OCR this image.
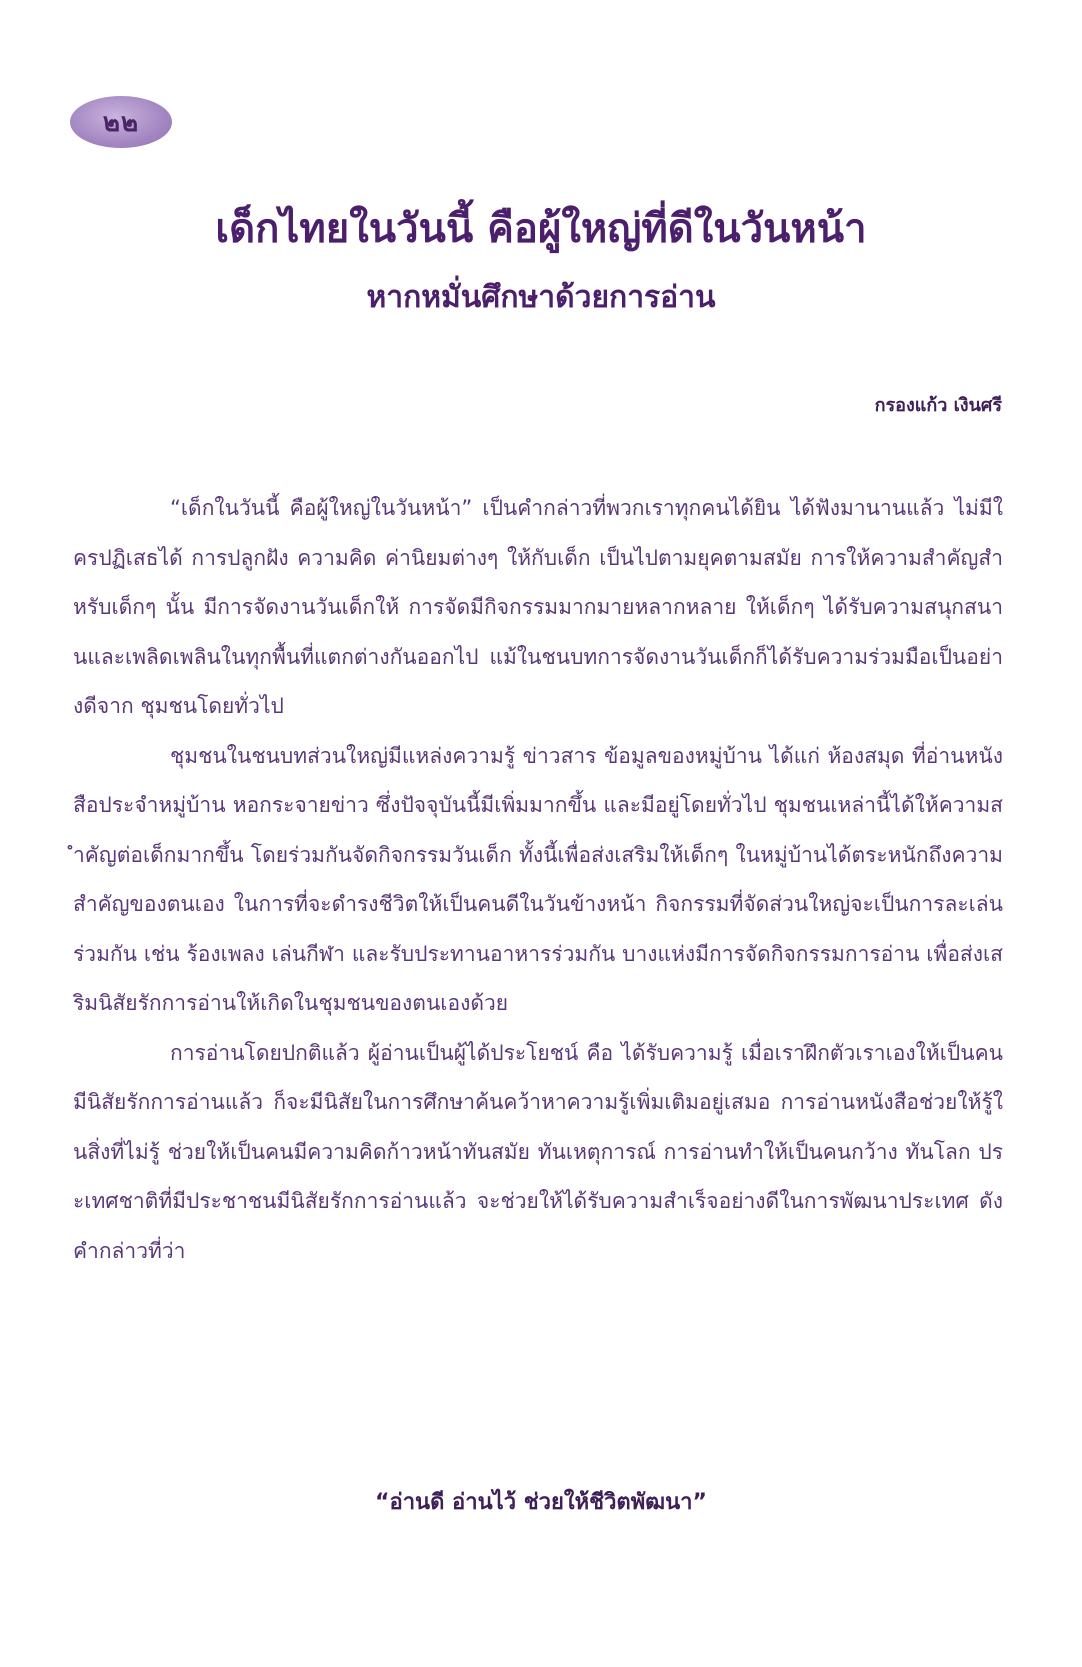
๒๒
เด็กไทยในวันนี้ คือผู้ใหญ่ที่ดีในวันหน้า
หากหมั่นศึกษาด้วยการอ่าน
กรองแก้ว เงินศรี

“เด็กในวันนี้ คือผู้ใหญ่ในวันหน้า” เป็นคำกล่าวที่พวกเราทุกคนได้ยิน ได้ฟังมานานแล้ว ไม่มีใครปฏิเสธได้ การปลูกฝัง ความคิด ค่านิยมต่างๆ ให้กับเด็ก เป็นไปตามยุคตามสมัย การให้ความสำคัญสำหรับเด็กๆ นั้น มีการจัดงานวันเด็กให้ การจัดมีกิจกรรมมากมายหลากหลาย ให้เด็กๆ ได้รับความสนุกสนานและเพลิดเพลินในทุกพื้นที่แตกต่างกันออกไป แม้ในชนบทการจัดงานวันเด็กก็ได้รับความร่วมมือเป็นอย่างดีจาก ชุมชนโดยทั่วไป

ชุมชนในชนบทส่วนใหญ่มีแหล่งความรู้ ข่าวสาร ข้อมูลของหมู่บ้าน ได้แก่ ห้องสมุด ที่อ่านหนังสือประจำหมู่บ้าน หอกระจายข่าว ซึ่งปัจจุบันนี้มีเพิ่มมากขึ้น และมีอยู่โดยทั่วไป ชุมชนเหล่านี้ได้ให้ความสำคัญต่อเด็กมากขึ้น โดยร่วมกันจัดกิจกรรมวันเด็ก ทั้งนี้เพื่อส่งเสริมให้เด็กๆ ในหมู่บ้านได้ตระหนักถึงความสำคัญของตนเอง ในการที่จะดำรงชีวิตให้เป็นคนดีในวันข้างหน้า กิจกรรมที่จัดส่วนใหญ่จะเป็นการละเล่นร่วมกัน เช่น ร้องเพลง เล่นกีฬา และรับประทานอาหารร่วมกัน บางแห่งมีการจัดกิจกรรมการอ่าน เพื่อส่งเสริมนิสัยรักการอ่านให้เกิดในชุมชนของตนเองด้วย

การอ่านโดยปกติแล้ว ผู้อ่านเป็นผู้ได้ประโยชน์ คือ ได้รับความรู้ เมื่อเราฝึกตัวเราเองให้เป็นคนมีนิสัยรักการอ่านแล้ว ก็จะมีนิสัยในการศึกษาค้นคว้าหาความรู้เพิ่มเติมอยู่เสมอ การอ่านหนังสือช่วยให้รู้ในสิ่งที่ไม่รู้ ช่วยให้เป็นคนมีความคิดก้าวหน้าทันสมัย ทันเหตุการณ์ การอ่านทำให้เป็นคนกว้าง ทันโลก ประเทศชาติที่มีประชาชนมีนิสัยรักการอ่านแล้ว จะช่วยให้ได้รับความสำเร็จอย่างดีในการพัฒนาประเทศ ดังคำกล่าวที่ว่า

“อ่านดี อ่านไว้ ช่วยให้ชีวิตพัฒนา”
